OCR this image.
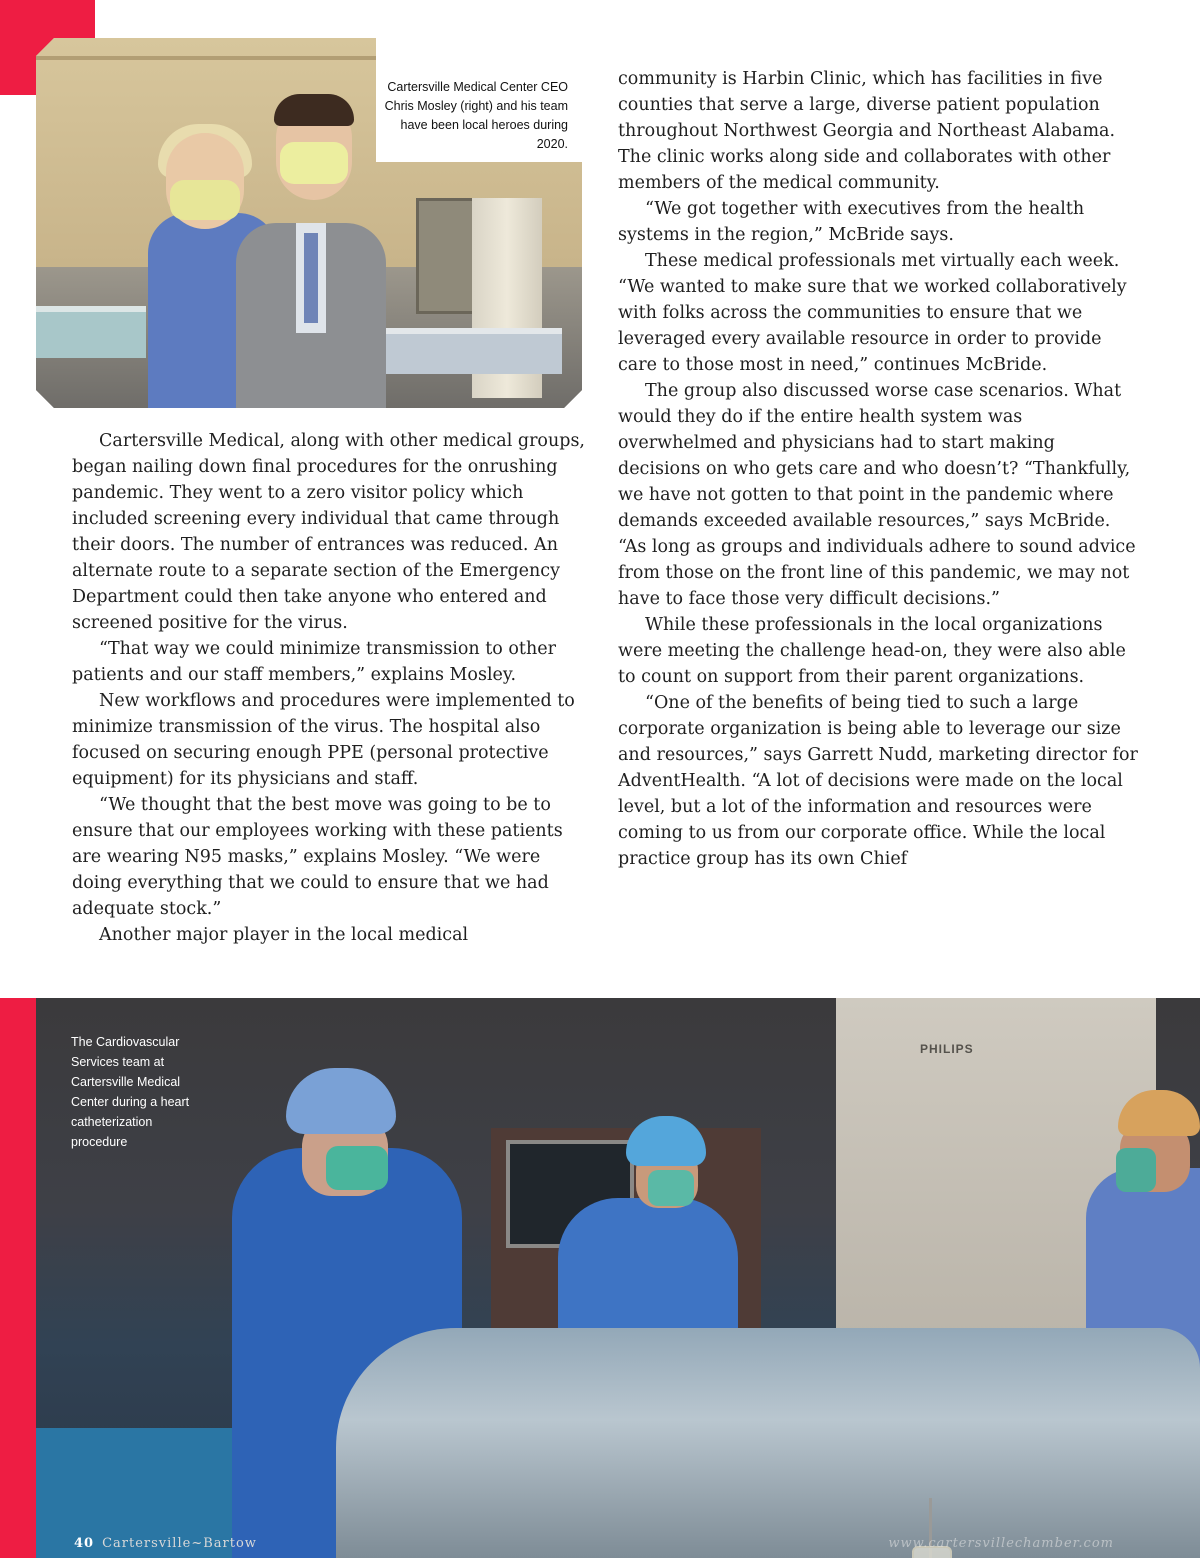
Cartersville Medical Center CEO Chris Mosley (right) and his team have been local heroes during 2020.

Cartersville Medical, along with other medical groups, began nailing down final procedures for the onrushing pandemic. They went to a zero visitor policy which included screening every individual that came through their doors. The number of entrances was reduced. An alternate route to a separate section of the Emergency Department could then take anyone who entered and screened positive for the virus.

“That way we could minimize transmission to other patients and our staff members,” explains Mosley.

New workflows and procedures were implemented to minimize transmission of the virus. The hospital also focused on securing enough PPE (personal protective equipment) for its physicians and staff.

“We thought that the best move was going to be to ensure that our employees working with these patients are wearing N95 masks,” explains Mosley. “We were doing everything that we could to ensure that we had adequate stock.”

Another major player in the local medical

community is Harbin Clinic, which has facilities in five counties that serve a large, diverse patient population throughout Northwest Georgia and Northeast Alabama. The clinic works along side and collaborates with other members of the medical community.

“We got together with executives from the health systems in the region,” McBride says.

These medical professionals met virtually each week. “We wanted to make sure that we worked collaboratively with folks across the communities to ensure that we leveraged every available resource in order to provide care to those most in need,” continues McBride.

The group also discussed worse case scenarios. What would they do if the entire health system was overwhelmed and physicians had to start making decisions on who gets care and who doesn’t? “Thankfully, we have not gotten to that point in the pandemic where demands exceeded available resources,” says McBride. “As long as groups and individuals adhere to sound advice from those on the front line of this pandemic, we may not have to face those very difficult decisions.”

While these professionals in the local organizations were meeting the challenge head-on, they were also able to count on support from their parent organizations.

“One of the benefits of being tied to such a large corporate organization is being able to leverage our size and resources,” says Garrett Nudd, marketing director for AdventHealth. “A lot of decisions were made on the local level, but a lot of the information and resources were coming to us from our corporate office. While the local practice group has its own Chief

PHILIPS
The Cardiovascular Services team at Cartersville Medical Center during a heart catheterization procedure
40 Cartersville~Bartow	www.cartersvillechamber.com
